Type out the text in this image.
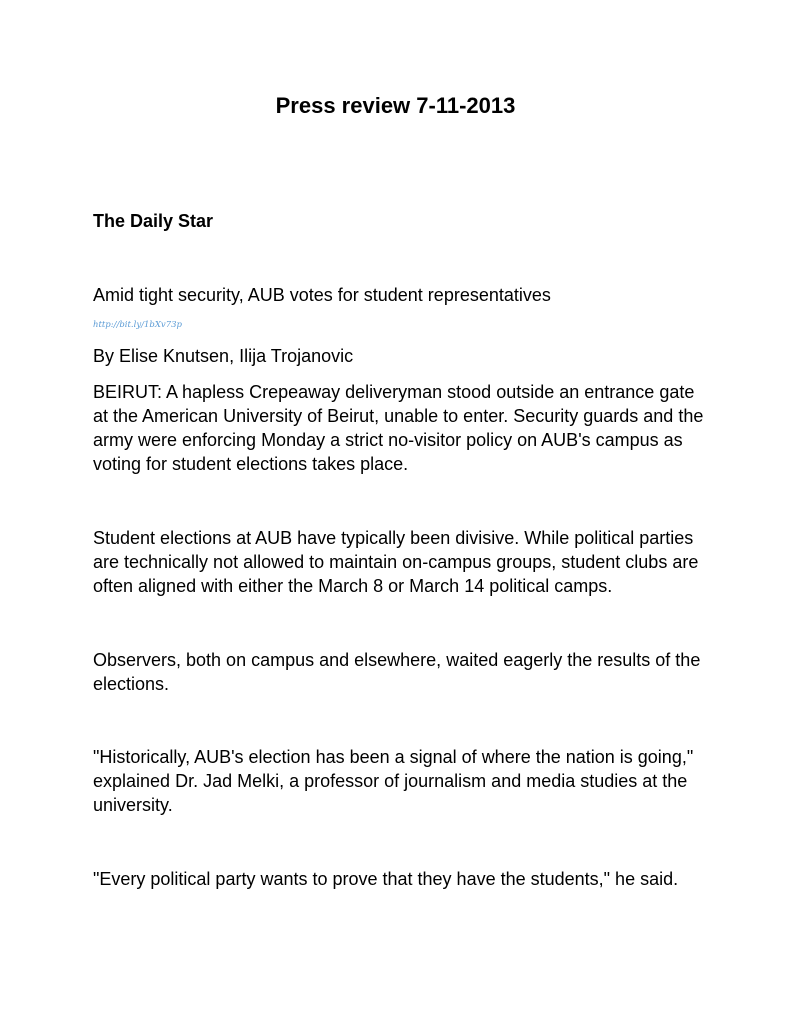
Press review 7-11-2013
The Daily Star

Amid tight security, AUB votes for student representatives

http://bit.ly/1bXv73p

By Elise Knutsen, Ilija Trojanovic

BEIRUT: A hapless Crepeaway deliveryman stood outside an entrance gate at the American University of Beirut, unable to enter. Security guards and the army were enforcing Monday a strict no-visitor policy on AUB's campus as voting for student elections takes place.

Student elections at AUB have typically been divisive. While political parties are technically not allowed to maintain on-campus groups, student clubs are often aligned with either the March 8 or March 14 political camps.

Observers, both on campus and elsewhere, waited eagerly the results of the elections.

"Historically, AUB's election has been a signal of where the nation is going," explained Dr. Jad Melki, a professor of journalism and media studies at the university.

"Every political party wants to prove that they have the students," he said.
